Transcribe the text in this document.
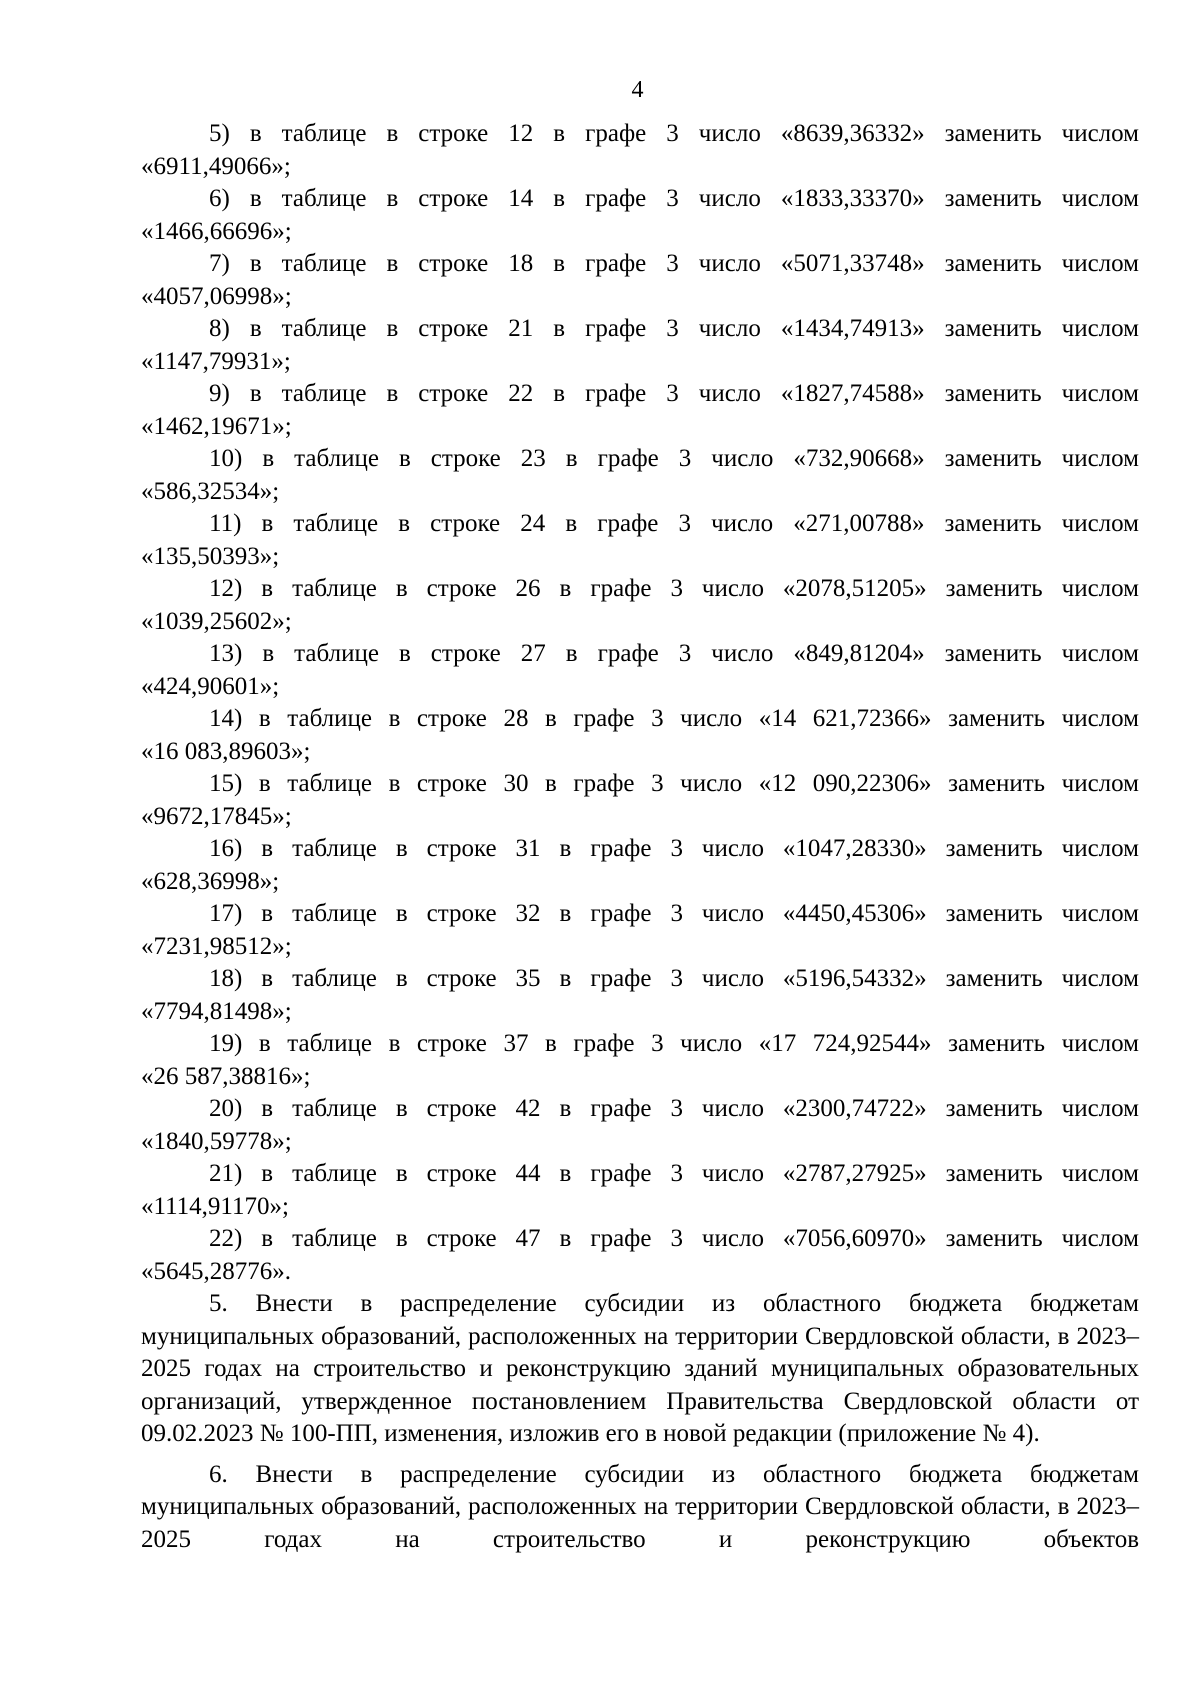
4
5) в таблице в строке 12 в графе 3 число «8639,36332» заменить числом
«6911,49066»;
6) в таблице в строке 14 в графе 3 число «1833,33370» заменить числом
«1466,66696»;
7) в таблице в строке 18 в графе 3 число «5071,33748» заменить числом
«4057,06998»;
8) в таблице в строке 21 в графе 3 число «1434,74913» заменить числом
«1147,79931»;
9) в таблице в строке 22 в графе 3 число «1827,74588» заменить числом
«1462,19671»;
10) в таблице в строке 23 в графе 3 число «732,90668» заменить числом
«586,32534»;
11) в таблице в строке 24 в графе 3 число «271,00788» заменить числом
«135,50393»;
12) в таблице в строке 26 в графе 3 число «2078,51205» заменить числом
«1039,25602»;
13) в таблице в строке 27 в графе 3 число «849,81204» заменить числом
«424,90601»;
14) в таблице в строке 28 в графе 3 число «14 621,72366» заменить числом
«16 083,89603»;
15) в таблице в строке 30 в графе 3 число «12 090,22306» заменить числом
«9672,17845»;
16) в таблице в строке 31 в графе 3 число «1047,28330» заменить числом
«628,36998»;
17) в таблице в строке 32 в графе 3 число «4450,45306» заменить числом
«7231,98512»;
18) в таблице в строке 35 в графе 3 число «5196,54332» заменить числом
«7794,81498»;
19) в таблице в строке 37 в графе 3 число «17 724,92544» заменить числом
«26 587,38816»;
20) в таблице в строке 42 в графе 3 число «2300,74722» заменить числом
«1840,59778»;
21) в таблице в строке 44 в графе 3 число «2787,27925» заменить числом
«1114,91170»;
22) в таблице в строке 47 в графе 3 число «7056,60970» заменить числом
«5645,28776».

5. Внести в распределение субсидии из областного бюджета бюджетам муниципальных образований, расположенных на территории Свердловской области, в 2023–2025 годах на строительство и реконструкцию зданий муниципальных образовательных организаций, утвержденное постановлением Правительства Свердловской области от 09.02.2023 № 100-ПП, изменения, изложив его в новой редакции (приложение № 4).

6. Внести в распределение субсидии из областного бюджета бюджетам муниципальных образований, расположенных на территории Свердловской области, в 2023–2025 годах на строительство и реконструкцию объектов
